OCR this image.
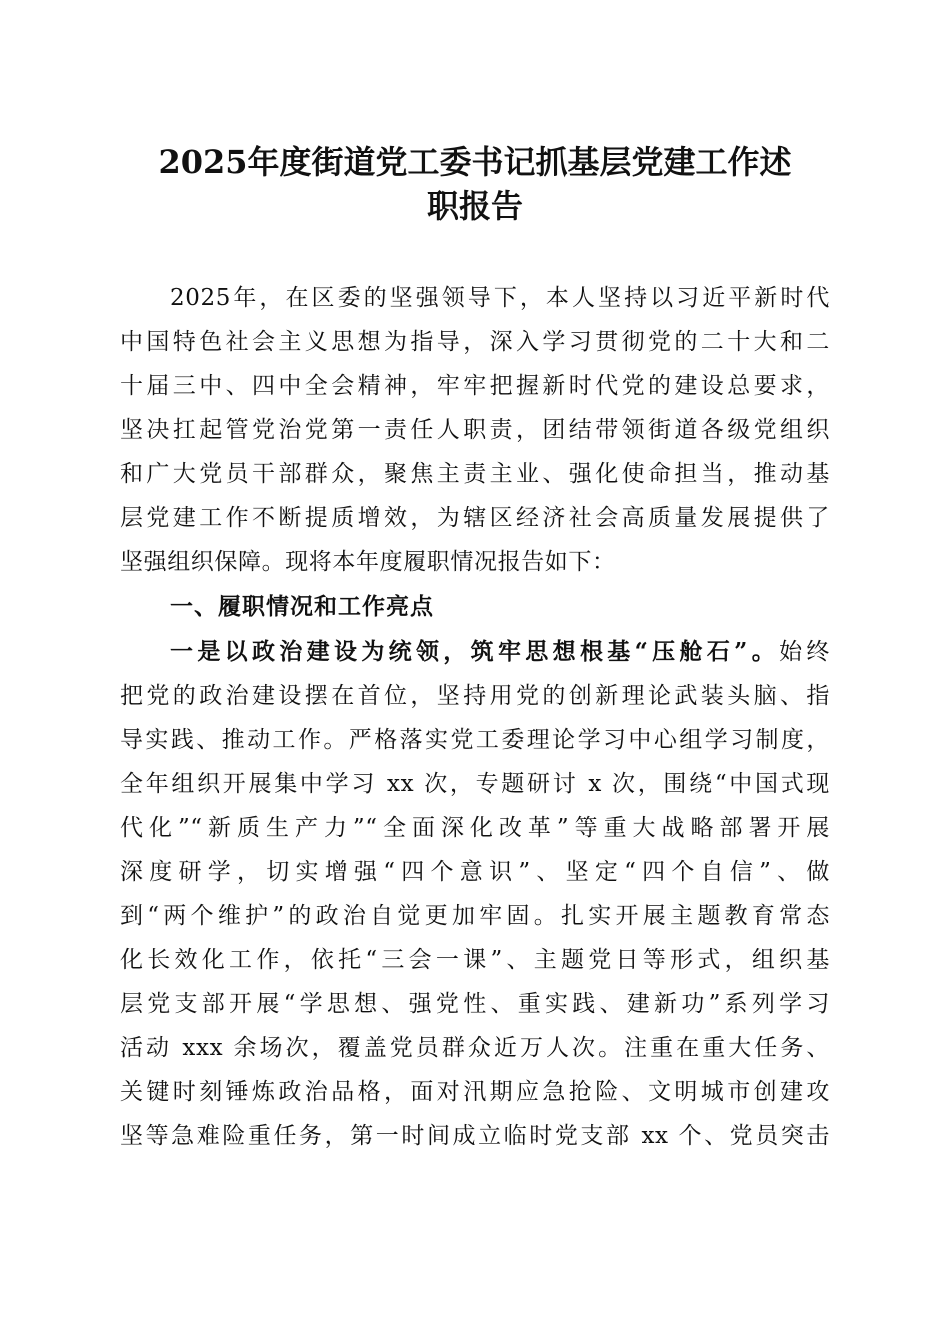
2025年度街道党工委书记抓基层党建工作述
职报告
2025年，在区委的坚强领导下，本人坚持以习近平新时代
中国特色社会主义思想为指导，深入学习贯彻党的二十大和二
十届三中、四中全会精神，牢牢把握新时代党的建设总要求，
坚决扛起管党治党第一责任人职责，团结带领街道各级党组织
和广大党员干部群众，聚焦主责主业、强化使命担当，推动基
层党建工作不断提质增效，为辖区经济社会高质量发展提供了
坚强组织保障。现将本年度履职情况报告如下：
一、履职情况和工作亮点
一是以政治建设为统领，筑牢思想根基“压舱石”。始终
把党的政治建设摆在首位，坚持用党的创新理论武装头脑、指
导实践、推动工作。严格落实党工委理论学习中心组学习制度，
全年组织开展集中学习 xx 次，专题研讨 x 次，围绕“中国式现
代化”“新质生产力”“全面深化改革”等重大战略部署开展
深度研学，切实增强“四个意识”、坚定“四个自信”、做
到“两个维护”的政治自觉更加牢固。扎实开展主题教育常态
化长效化工作，依托“三会一课”、主题党日等形式，组织基
层党支部开展“学思想、强党性、重实践、建新功”系列学习
活动 xxx 余场次，覆盖党员群众近万人次。注重在重大任务、
关键时刻锤炼政治品格，面对汛期应急抢险、文明城市创建攻
坚等急难险重任务，第一时间成立临时党支部 xx 个、党员突击
